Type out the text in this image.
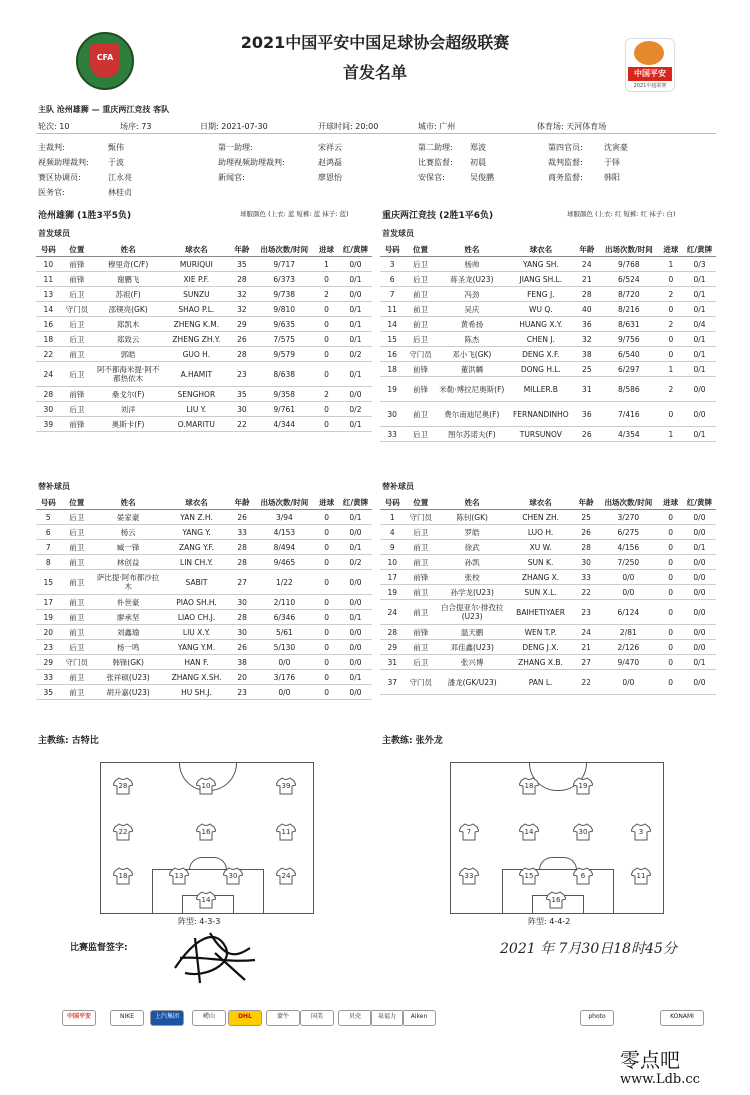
CFA
2021中国平安中国足球协会超级联赛
首发名单	中国平安
2021中超联赛
主队 沧州雄狮 — 重庆两江竞技 客队
轮次: 10	场序: 73	日期: 2021-07-30	开球时间: 20:00	城市: 广州	体育场: 天河体育场
主裁判:	甄伟	第一助理:	宋祥云	第二助理: 郑波	第四官员:	沈寅豪
视频助理裁判: 于波	助理视频助理裁判:	赵鸿磊	比赛监督: 初晨	裁判监督:	于铎
赛区协调员:	江永亮	新闻官:	廖恩怡	安保官:	吴俊鹏	商务监督:	韩阳
医务官:	林桂贞
沧州雄狮 (1胜3平5负)	球服颜色 (上衣: 蓝 短裤: 蓝 袜子: 蓝)	重庆两江竞技 (2胜1平6负)	球服颜色 (上衣: 红 短裤: 红 袜子: 白)
首发球员	首发球员
号码	位置	姓名	球衣名	年龄	出场次数/时间	进球	红/黄牌
10	前锋	穆里奇(C/F)	MURIQUI	35	9/717	1	0/0
11	前锋	谢鹏飞	XIE P.F.	28	6/373	0	0/1
13	后卫	苏祖(F)	SUNZU	32	9/738	2	0/0
14	守门员	邵镤亮(GK)	SHAO P.L.	32	9/810	0	0/1
16	后卫	郑凯木	ZHENG K.M.	29	9/635	0	0/1
18	后卫	郑致云	ZHENG ZH.Y.	26	7/575	0	0/1
22	前卫	郭皓	GUO H.	28	9/579	0	0/2
24	后卫	阿不都海米提·阿不都热依木	A.HAMIT	23	8/638	0	0/1
28	前锋	桑戈尔(F)	SENGHOR	35	9/358	2	0/0
30	后卫	刘洋	LIU Y.	30	9/761	0	0/2
39	前锋	奥斯卡(F)	O.MARITU	22	4/344	0	0/1
号码	位置	姓名	球衣名	年龄	出场次数/时间	进球	红/黄牌
3	后卫	杨帅	YANG SH.	24	9/768	1	0/3
6	后卫	蒋圣龙(U23)	JIANG SH.L.	21	6/524	0	0/1
7	前卫	冯劲	FENG J.	28	8/720	2	0/1
11	前卫	吴庆	WU Q.	40	8/216	0	0/1
14	前卫	黄希扬	HUANG X.Y.	36	8/631	2	0/4
15	后卫	陈杰	CHEN J.	32	9/756	0	0/1
16	守门员	邓小飞(GK)	DENG X.F.	38	6/540	0	0/1
18	前锋	董洪麟	DONG H.L.	25	6/297	1	0/1
19	前锋	米勒·博拉尼奥斯(F)	MILLER.B	31	8/586	2	0/0
30	前卫	费尔南迪尼奥(F)	FERNANDINHO	36	7/416	0	0/0
33	后卫	图尔苏诺夫(F)	TURSUNOV	26	4/354	1	0/1
替补球员	替补球员
号码	位置	姓名	球衣名	年龄	出场次数/时间	进球	红/黄牌
5	后卫	晏家豪	YAN Z.H.	26	3/94	0	0/1
6	后卫	杨云	YANG Y.	33	4/153	0	0/0
7	前卫	臧一锋	ZANG Y.F.	28	8/494	0	0/1
8	前卫	林创益	LIN CH.Y.	28	9/465	0	0/2
15	前卫	萨比提·阿布都沙拉木	SABIT	27	1/22	0	0/0
17	前卫	朴世豪	PIAO SH.H.	30	2/110	0	0/0
19	前卫	廖承坚	LIAO CH.J.	28	6/346	0	0/1
20	前卫	刘鑫瑜	LIU X.Y.	30	5/61	0	0/0
23	后卫	杨一鸣	YANG Y.M.	26	5/130	0	0/0
29	守门员	韩锋(GK)	HAN F.	38	0/0	0	0/0
33	前卫	张祥硕(U23)	ZHANG X.SH.	20	3/176	0	0/1
35	前卫	胡升嘉(U23)	HU SH.J.	23	0/0	0	0/0
号码	位置	姓名	球衣名	年龄	出场次数/时间	进球	红/黄牌
1	守门员	陈钊(GK)	CHEN ZH.	25	3/270	0	0/0
4	后卫	罗皓	LUO H.	26	6/275	0	0/0
9	前卫	徐武	XU W.	28	4/156	0	0/1
10	前卫	孙凯	SUN K.	30	7/250	0	0/0
17	前锋	张校	ZHANG X.	33	0/0	0	0/0
19	前卫	孙学龙(U23)	SUN X.L.	22	0/0	0	0/0
24	前卫	白合提亚尔·排孜拉(U23)	BAIHETIYAER	23	6/124	0	0/0
28	前锋	温天鹏	WEN T.P.	24	2/81	0	0/0
29	前卫	邓佳鑫(U23)	DENG J.X.	21	2/126	0	0/0
31	后卫	张兴博	ZHANG X.B.	27	9/470	0	0/1
37	守门员	潘龙(GK/U23)	PAN L.	22	0/0	0	0/0
主教练: 古特比	主教练: 张外龙
28	10	39
22	16	11
18	13	30	24
14
18	19
7	14	30	3
33	15	6	11
16
阵型: 4-3-3	阵型: 4-4-2
比赛监督签字:	2021 年 7月30日18时45分
中国平安	NIKE	上汽集团	崂山	DHL	蒙牛	国美	贝壳	泉福力	Aiken	KONAMI
photo
零点吧
www.Ldb.cc
